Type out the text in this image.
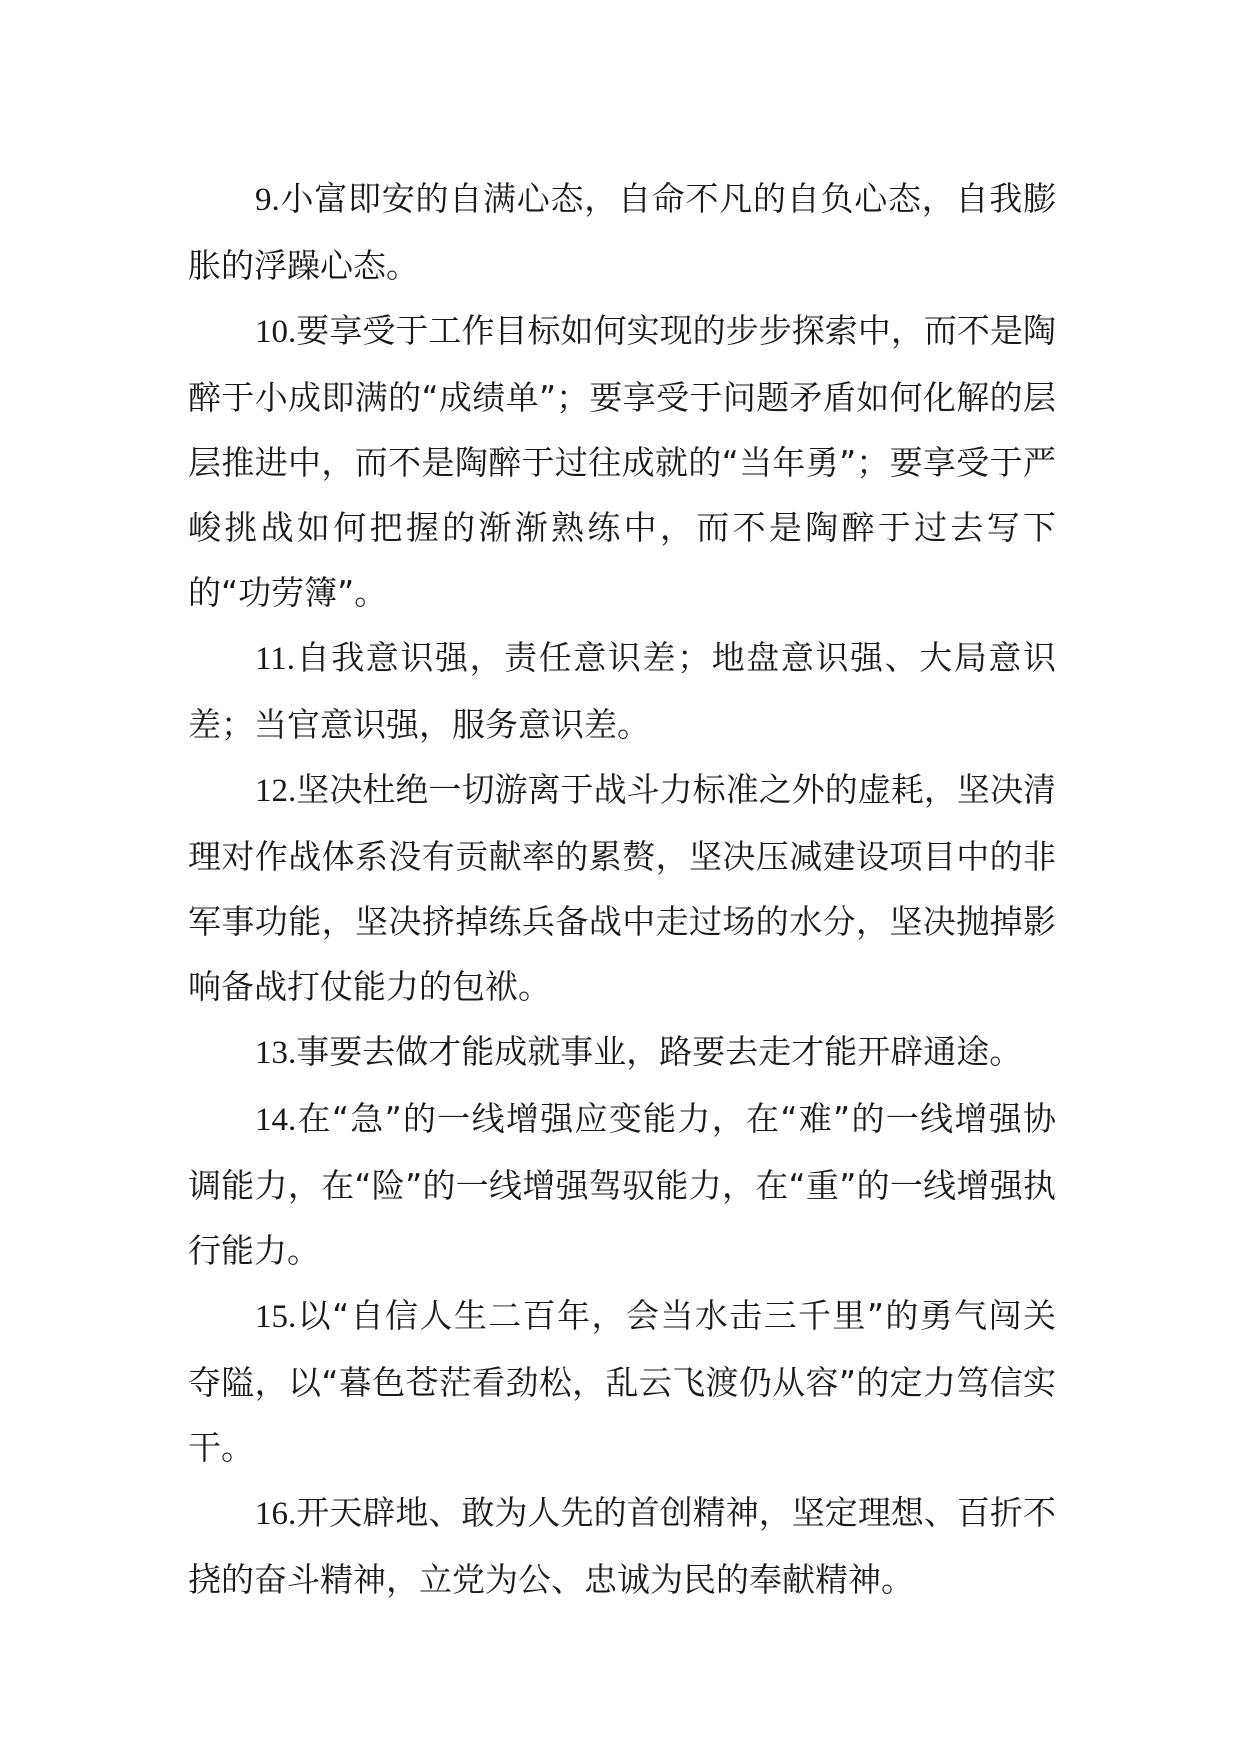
9.小富即安的自满心态，自命不凡的自负心态，自我膨胀的浮躁心态。

10.要享受于工作目标如何实现的步步探索中，而不是陶醉于小成即满的“成绩单”；要享受于问题矛盾如何化解的层层推进中，而不是陶醉于过往成就的“当年勇”；要享受于严峻挑战如何把握的渐渐熟练中，而不是陶醉于过去写下的“功劳簿”。

11.自我意识强，责任意识差；地盘意识强、大局意识差；当官意识强，服务意识差。

12.坚决杜绝一切游离于战斗力标准之外的虚耗，坚决清理对作战体系没有贡献率的累赘，坚决压减建设项目中的非军事功能，坚决挤掉练兵备战中走过场的水分，坚决抛掉影响备战打仗能力的包袱。

13.事要去做才能成就事业，路要去走才能开辟通途。

14.在“急”的一线增强应变能力，在“难”的一线增强协调能力，在“险”的一线增强驾驭能力，在“重”的一线增强执行能力。

15.以“自信人生二百年，会当水击三千里”的勇气闯关夺隘，以“暮色苍茫看劲松，乱云飞渡仍从容”的定力笃信实干。

16.开天辟地、敢为人先的首创精神，坚定理想、百折不挠的奋斗精神，立党为公、忠诚为民的奉献精神。
